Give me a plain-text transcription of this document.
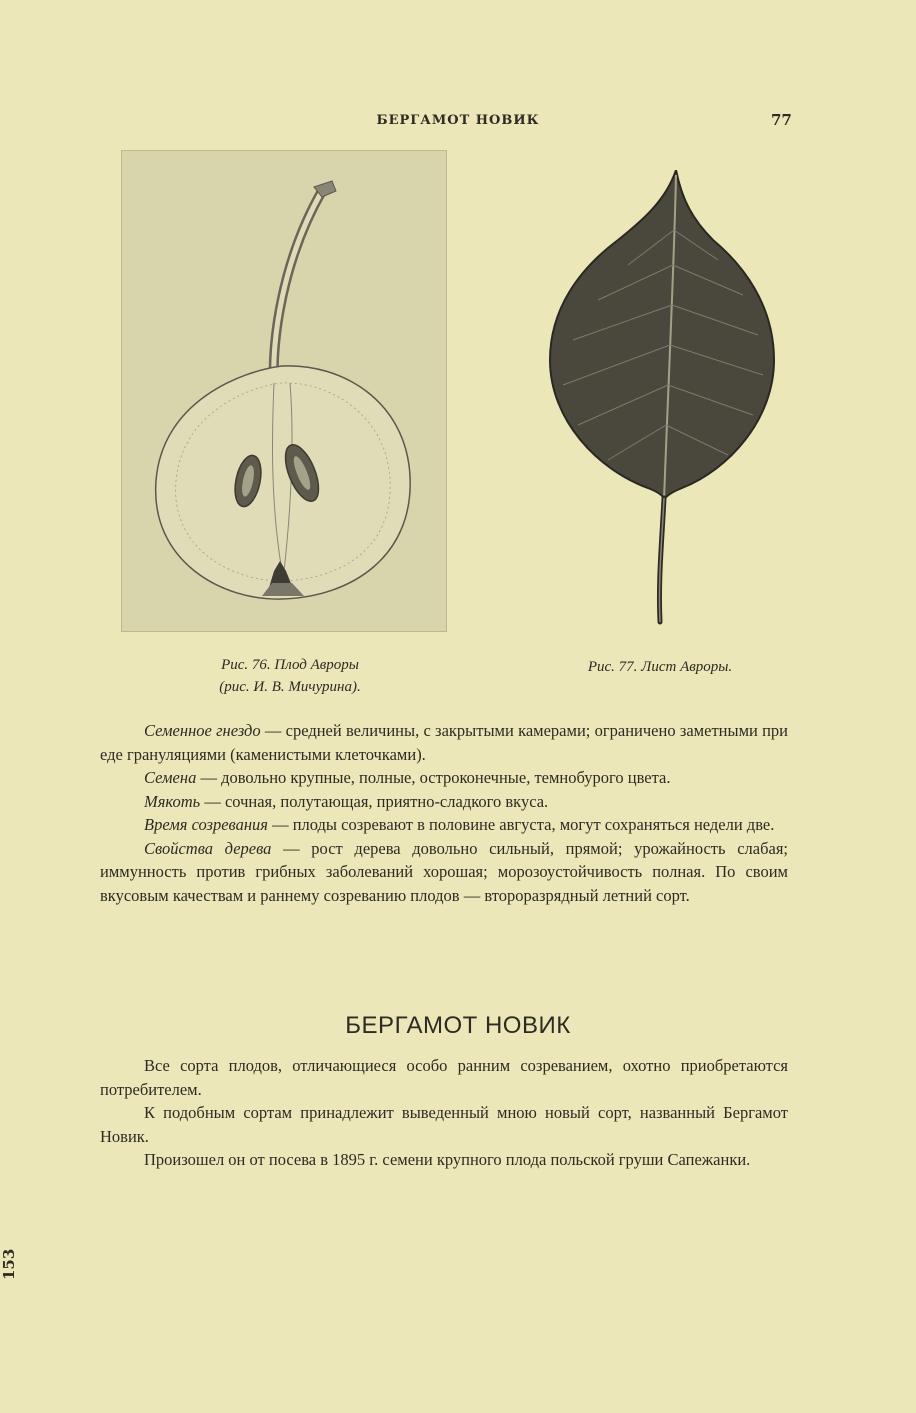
БЕРГАМОТ НОВИК	77
Рис. 76. Плод Авроры
(рис. И. В. Мичурина).
Рис. 77. Лист Авроры.

Семенное гнездо — средней величины, с закрытыми камерами; ограничено заметными при еде грануляциями (каменистыми клеточками).

Семена — довольно крупные, полные, остроконечные, темнобурого цвета.

Мякоть — сочная, полутающая, приятно-сладкого вкуса.

Время созревания — плоды созревают в половине августа, могут сохраняться недели две.

Свойства дерева — рост дерева довольно сильный, прямой; урожайность слабая; иммунность против грибных заболеваний хорошая; морозоустойчивость полная. По своим вкусовым качествам и раннему созреванию плодов — второразрядный летний сорт.

БЕРГАМОТ НОВИК

Все сорта плодов, отличающиеся особо ранним созреванием, охотно приобретаются потребителем.

К подобным сортам принадлежит выведенный мною новый сорт, названный Бергамот Новик.

Произошел он от посева в 1895 г. семени крупного плода польской груши Сапежанки.

153
